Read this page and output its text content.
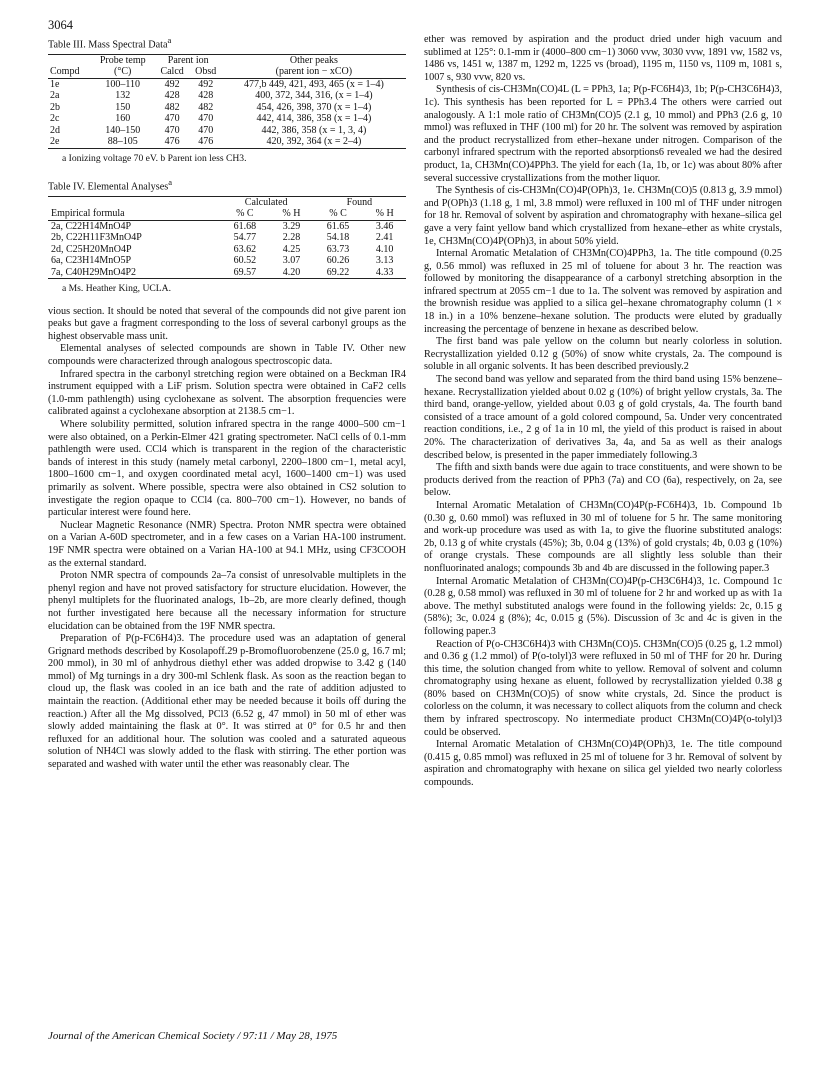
3064
Table III. Mass Spectral Data$^a$
	Probe temp	Parent ion		Other peaks
Compd	(°C)	Calcd	Obsd	(parent ion − xCO)
1e	100–110	492	492	477,b 449, 421, 493, 465 (x = 1–4)
2a	132	428	428	400, 372, 344, 316, (x = 1–4)
2b	150	482	482	454, 426, 398, 370 (x = 1–4)
2c	160	470	470	442, 414, 386, 358 (x = 1–4)
2d	140–150	470	470	442, 386, 358 (x = 1, 3, 4)
2e	88–105	476	476	420, 392, 364 (x = 2–4)
a Ionizing voltage 70 eV. b Parent ion less CH3.
Table IV. Elemental Analyses$^a$
	Calculated		Found	
Empirical formula	% C	% H	% C	% H
2a, C22H14MnO4P	61.68	3.29	61.65	3.46
2b, C22H11F3MnO4P	54.77	2.28	54.18	2.41
2d, C25H20MnO4P	63.62	4.25	63.73	4.10
6a, C23H14MnO5P	60.52	3.07	60.26	3.13
7a, C40H29MnO4P2	69.57	4.20	69.22	4.33
a Ms. Heather King, UCLA.

vious section. It should be noted that several of the compounds did not give parent ion peaks but gave a fragment corresponding to the loss of several carbonyl groups as the highest observable mass unit.

Elemental analyses of selected compounds are shown in Table IV. Other new compounds were characterized through analogous spectroscopic data.

Infrared spectra in the carbonyl stretching region were obtained on a Beckman IR4 instrument equipped with a LiF prism. Solution spectra were obtained in CaF2 cells (1.0-mm pathlength) using cyclohexane as solvent. The absorption frequencies were calibrated against a cyclohexane absorption at 2138.5 cm−1.

Where solubility permitted, solution infrared spectra in the range 4000–500 cm−1 were also obtained, on a Perkin-Elmer 421 grating spectrometer. NaCl cells of 0.1-mm pathlength were used. CCl4 which is transparent in the region of the characteristic bands of interest in this study (namely metal carbonyl, 2200–1800 cm−1, metal acyl, 1800–1600 cm−1, and oxygen coordinated metal acyl, 1600–1400 cm−1) was used primarily as solvent. Where possible, spectra were also obtained in CS2 solution to investigate the region opaque to CCl4 (ca. 800–700 cm−1). However, no bands of particular interest were found here.

Nuclear Magnetic Resonance (NMR) Spectra. Proton NMR spectra were obtained on a Varian A-60D spectrometer, and in a few cases on a Varian HA-100 instrument. 19F NMR spectra were obtained on a Varian HA-100 at 94.1 MHz, using CF3COOH as the external standard.

Proton NMR spectra of compounds 2a–7a consist of unresolvable multiplets in the phenyl region and have not proved satisfactory for structure elucidation. However, the phenyl multiplets for the fluorinated analogs, 1b–2b, are more clearly defined, though not further investigated here because all the necessary information for structure elucidation can be obtained from the 19F NMR spectra.

Preparation of P(p-FC6H4)3. The procedure used was an adaptation of general Grignard methods described by Kosolapoff.29 p-Bromofluorobenzene (25.0 g, 16.7 ml; 200 mmol), in 30 ml of anhydrous diethyl ether was added dropwise to 3.42 g (140 mmol) of Mg turnings in a dry 300-ml Schlenk flask. As soon as the reaction began to cloud up, the flask was cooled in an ice bath and the rate of addition adjusted to maintain the reaction. (Additional ether may be needed because it boils off during the reaction.) After all the Mg dissolved, PCl3 (6.52 g, 47 mmol) in 50 ml of ether was slowly added maintaining the flask at 0°. It was stirred at 0° for 0.5 hr and then refluxed for an additional hour. The solution was cooled and a saturated aqueous solution of NH4Cl was slowly added to the flask with stirring. The ether portion was separated and washed with water until the ether was reasonably clear. The

ether was removed by aspiration and the product dried under high vacuum and sublimed at 125°: 0.1-mm ir (4000–800 cm−1) 3060 vvw, 3030 vvw, 1891 vw, 1582 vs, 1486 vs, 1451 w, 1387 m, 1292 m, 1225 vs (broad), 1195 m, 1150 vs, 1109 m, 1081 s, 1007 s, 930 vvw, 820 vs.

Synthesis of cis-CH3Mn(CO)4L (L = PPh3, 1a; P(p-FC6H4)3, 1b; P(p-CH3C6H4)3, 1c). This synthesis has been reported for L = PPh3.4 The others were carried out analogously. A 1:1 mole ratio of CH3Mn(CO)5 (2.1 g, 10 mmol) and PPh3 (2.6 g, 10 mmol) was refluxed in THF (100 ml) for 20 hr. The solvent was removed by aspiration and the product recrystallized from ether–hexane under nitrogen. Comparison of the carbonyl infrared spectrum with the reported absorptions6 revealed we had the desired product, 1a, CH3Mn(CO)4PPh3. The yield for each (1a, 1b, or 1c) was about 80% after several successive crystallizations from the mother liquor.

The Synthesis of cis-CH3Mn(CO)4P(OPh)3, 1e. CH3Mn(CO)5 (0.813 g, 3.9 mmol) and P(OPh)3 (1.18 g, 1 ml, 3.8 mmol) were refluxed in 100 ml of THF under nitrogen for 18 hr. Removal of solvent by aspiration and chromatography with hexane–silica gel gave a very faint yellow band which crystallized from hexane–ether as white crystals, 1e, CH3Mn(CO)4P(OPh)3, in about 50% yield.

Internal Aromatic Metalation of CH3Mn(CO)4PPh3, 1a. The title compound (0.25 g, 0.56 mmol) was refluxed in 25 ml of toluene for about 3 hr. The reaction was followed by monitoring the disappearance of a carbonyl stretching absorption in the infrared spectrum at 2055 cm−1 due to 1a. The solvent was removed by aspiration and the brownish residue was applied to a silica gel–hexane chromatography column (1 × 18 in.) in a 10% benzene–hexane solution. The products were eluted by gradually increasing the percentage of benzene in hexane as described below.

The first band was pale yellow on the column but nearly colorless in solution. Recrystallization yielded 0.12 g (50%) of snow white crystals, 2a. The compound is soluble in all organic solvents. It has been described previously.2

The second band was yellow and separated from the third band using 15% benzene–hexane. Recrystallization yielded about 0.02 g (10%) of bright yellow crystals, 3a. The third band, orange-yellow, yielded about 0.03 g of gold crystals, 4a. The fourth band consisted of a trace amount of a gold colored compound, 5a. Under very concentrated reaction conditions, i.e., 2 g of 1a in 10 ml, the yield of this product is raised in about 20%. The characterization of derivatives 3a, 4a, and 5a as well as their analogs described below, is presented in the paper immediately following.3

The fifth and sixth bands were due again to trace constituents, and were shown to be products derived from the reaction of PPh3 (7a) and CO (6a), respectively, on 2a, see below.

Internal Aromatic Metalation of CH3Mn(CO)4P(p-FC6H4)3, 1b. Compound 1b (0.30 g, 0.60 mmol) was refluxed in 30 ml of toluene for 5 hr. The same monitoring and work-up procedure was used as with 1a, to give the fluorine substituted analogs: 2b, 0.13 g of white crystals (45%); 3b, 0.04 g (13%) of gold crystals; 4b, 0.03 g (10%) of orange crystals. These compounds are all slightly less soluble than their nonfluorinated analogs; compounds 3b and 4b are discussed in the following paper.3

Internal Aromatic Metalation of CH3Mn(CO)4P(p-CH3C6H4)3, 1c. Compound 1c (0.28 g, 0.58 mmol) was refluxed in 30 ml of toluene for 2 hr and worked up as with 1a above. The methyl substituted analogs were found in the following yields: 2c, 0.15 g (58%); 3c, 0.024 g (8%); 4c, 0.015 g (5%). Discussion of 3c and 4c is given in the following paper.3

Reaction of P(o-CH3C6H4)3 with CH3Mn(CO)5. CH3Mn(CO)5 (0.25 g, 1.2 mmol) and 0.36 g (1.2 mmol) of P(o-tolyl)3 were refluxed in 50 ml of THF for 20 hr. During this time, the solution changed from white to yellow. Removal of solvent and column chromatography using hexane as eluent, followed by recrystallization yielded 0.38 g (80% based on CH3Mn(CO)5) of snow white crystals, 2d. Since the product is colorless on the column, it was necessary to collect aliquots from the column and check them by infrared spectroscopy. No intermediate product CH3Mn(CO)4P(o-tolyl)3 could be observed.

Internal Aromatic Metalation of CH3Mn(CO)4P(OPh)3, 1e. The title compound (0.415 g, 0.85 mmol) was refluxed in 25 ml of toluene for 3 hr. Removal of solvent by aspiration and chromatography with hexane on silica gel yielded two nearly colorless compounds.

Journal of the American Chemical Society / 97:11 / May 28, 1975
